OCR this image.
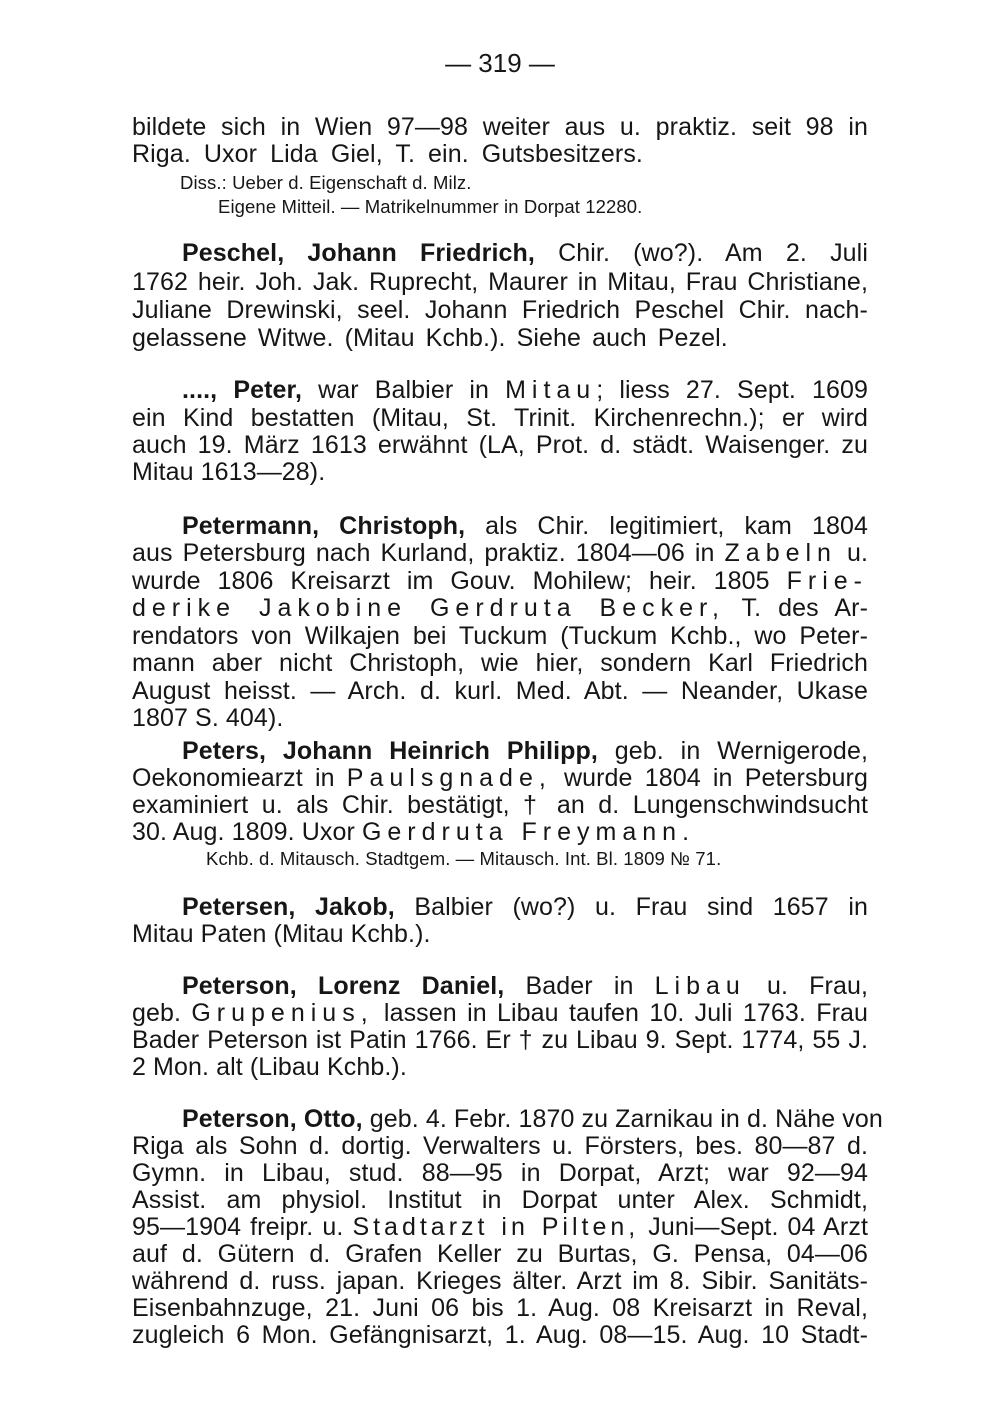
— 319 —
bildete sich in Wien 97—98 weiter aus u. praktiz. seit 98 in
Riga. Uxor Lida Giel, T. ein. Gutsbesitzers.
Diss.: Ueber d. Eigenschaft d. Milz.
Eigene Mitteil. — Matrikelnummer in Dorpat 12280.
Peschel, Johann Friedrich, Chir. (wo?). Am 2. Juli
1762 heir. Joh. Jak. Ruprecht, Maurer in Mitau, Frau Christiane,
Juliane Drewinski, seel. Johann Friedrich Peschel Chir. nach-
gelassene Witwe. (Mitau Kchb.). Siehe auch Pezel.
...., Peter, war Balbier in Mitau; liess 27. Sept. 1609
ein Kind bestatten (Mitau, St. Trinit. Kirchenrechn.); er wird
auch 19. März 1613 erwähnt (LA, Prot. d. städt. Waisenger. zu
Mitau 1613—28).
Petermann, Christoph, als Chir. legitimiert, kam 1804
aus Petersburg nach Kurland, praktiz. 1804—06 in Zabeln u.
wurde 1806 Kreisarzt im Gouv. Mohilew; heir. 1805 Frie-
derike Jakobine Gerdruta Becker, T. des Ar-
rendators von Wilkajen bei Tuckum (Tuckum Kchb., wo Peter-
mann aber nicht Christoph, wie hier, sondern Karl Friedrich
August heisst. — Arch. d. kurl. Med. Abt. — Neander, Ukase
1807 S. 404).
Peters, Johann Heinrich Philipp, geb. in Wernigerode,
Oekonomiearzt in Paulsgnade, wurde 1804 in Petersburg
examiniert u. als Chir. bestätigt, † an d. Lungenschwindsucht
30. Aug. 1809. Uxor Gerdruta Freymann.
Kchb. d. Mitausch. Stadtgem. — Mitausch. Int. Bl. 1809 № 71.
Petersen, Jakob, Balbier (wo?) u. Frau sind 1657 in
Mitau Paten (Mitau Kchb.).
Peterson, Lorenz Daniel, Bader in Libau u. Frau,
geb. Grupenius, lassen in Libau taufen 10. Juli 1763. Frau
Bader Peterson ist Patin 1766. Er † zu Libau 9. Sept. 1774, 55 J.
2 Mon. alt (Libau Kchb.).
Peterson, Otto, geb. 4. Febr. 1870 zu Zarnikau in d. Nähe von
Riga als Sohn d. dortig. Verwalters u. Försters, bes. 80—87 d.
Gymn. in Libau, stud. 88—95 in Dorpat, Arzt; war 92—94
Assist. am physiol. Institut in Dorpat unter Alex. Schmidt,
95—1904 freipr. u. Stadtarzt in Pilten, Juni—Sept. 04 Arzt
auf d. Gütern d. Grafen Keller zu Burtas, G. Pensa, 04—06
während d. russ. japan. Krieges älter. Arzt im 8. Sibir. Sanitäts-
Eisenbahnzuge, 21. Juni 06 bis 1. Aug. 08 Kreisarzt in Reval,
zugleich 6 Mon. Gefängnisarzt, 1. Aug. 08—15. Aug. 10 Stadt-
